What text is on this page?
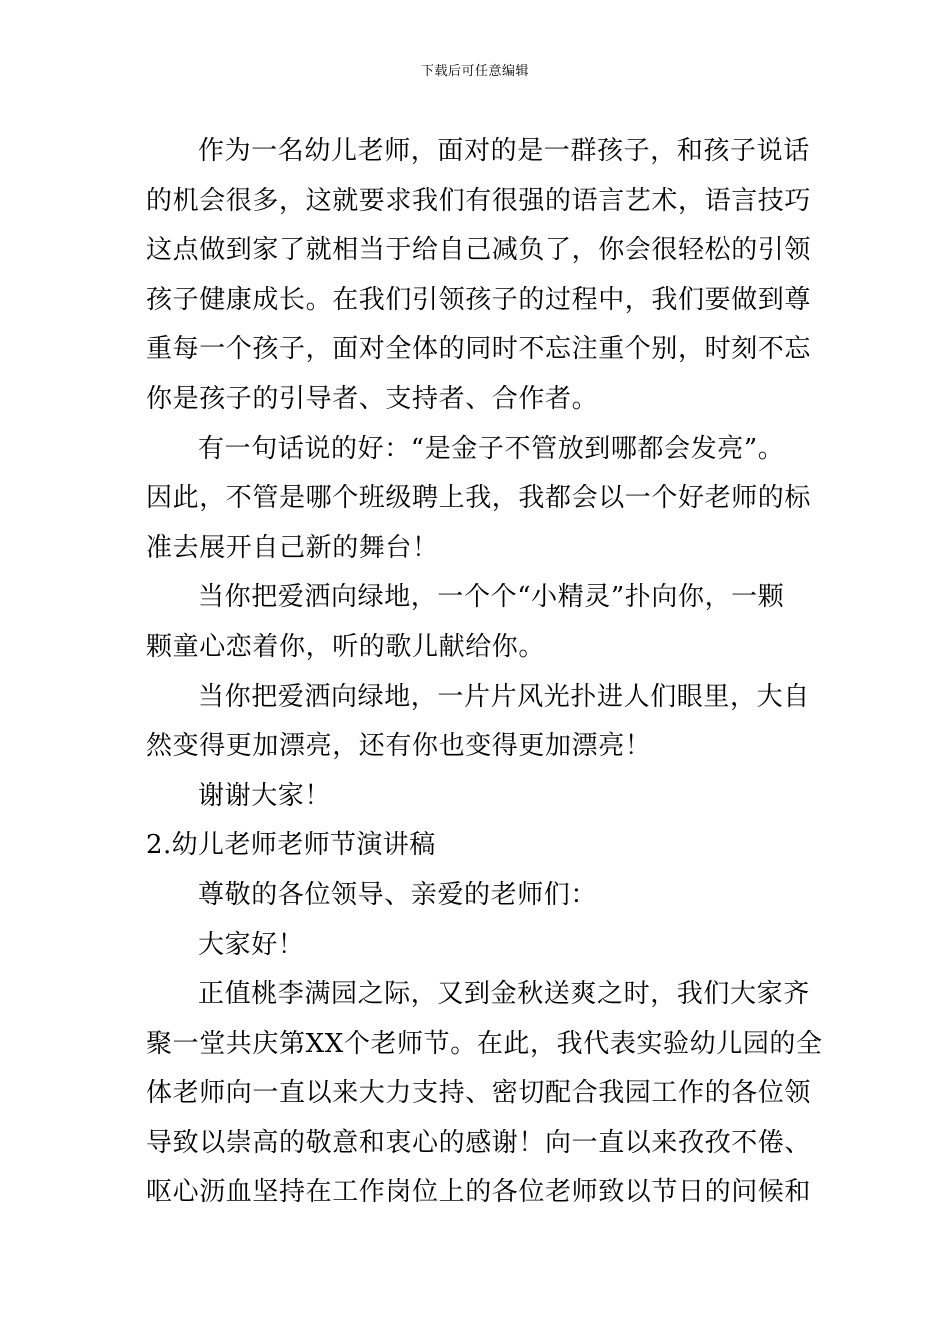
下载后可任意编辑
作为一名幼儿老师，面对的是一群孩子，和孩子说话
的机会很多，这就要求我们有很强的语言艺术，语言技巧
这点做到家了就相当于给自己减负了，你会很轻松的引领
孩子健康成长。在我们引领孩子的过程中，我们要做到尊
重每一个孩子，面对全体的同时不忘注重个别，时刻不忘
你是孩子的引导者、支持者、合作者。
有一句话说的好：“是金子不管放到哪都会发亮”。
因此，不管是哪个班级聘上我，我都会以一个好老师的标
准去展开自己新的舞台！
当你把爱洒向绿地，一个个“小精灵”扑向你，一颗
颗童心恋着你，听的歌儿献给你。
当你把爱洒向绿地，一片片风光扑进人们眼里，大自
然变得更加漂亮，还有你也变得更加漂亮！
谢谢大家！
2.幼儿老师老师节演讲稿
尊敬的各位领导、亲爱的老师们：
大家好！
正值桃李满园之际，又到金秋送爽之时，我们大家齐
聚一堂共庆第XX个老师节。在此，我代表实验幼儿园的全
体老师向一直以来大力支持、密切配合我园工作的各位领
导致以崇高的敬意和衷心的感谢！向一直以来孜孜不倦、
呕心沥血坚持在工作岗位上的各位老师致以节日的问候和
